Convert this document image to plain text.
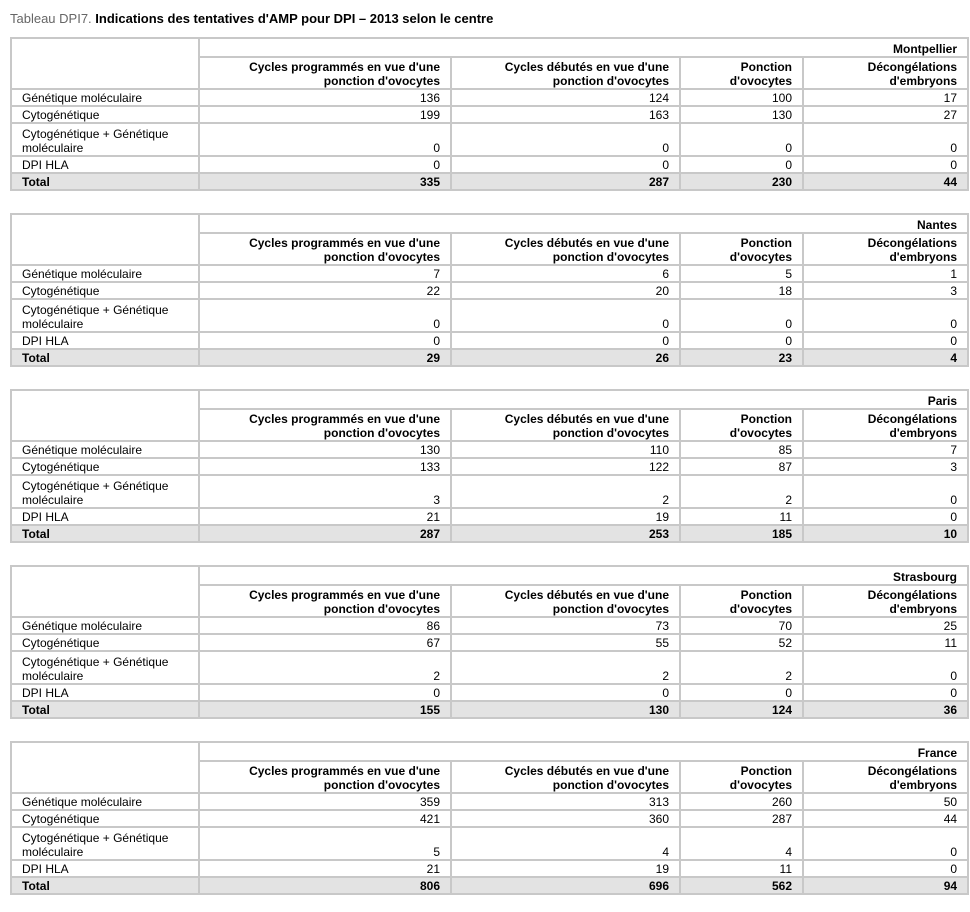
Tableau DPI7. Indications des tentatives d'AMP pour DPI – 2013 selon le centre
	Montpellier			
	Cycles programmés en vue d'une ponction d'ovocytes	Cycles débutés en vue d'une ponction d'ovocytes	Ponction d'ovocytes	Décongélations d'embryons
Génétique moléculaire	136	124	100	17
Cytogénétique	199	163	130	27
Cytogénétique + Génétique moléculaire	0	0	0	0
DPI HLA	0	0	0	0
Total	335	287	230	44
	Nantes			
	Cycles programmés en vue d'une ponction d'ovocytes	Cycles débutés en vue d'une ponction d'ovocytes	Ponction d'ovocytes	Décongélations d'embryons
Génétique moléculaire	7	6	5	1
Cytogénétique	22	20	18	3
Cytogénétique + Génétique moléculaire	0	0	0	0
DPI HLA	0	0	0	0
Total	29	26	23	4
	Paris			
	Cycles programmés en vue d'une ponction d'ovocytes	Cycles débutés en vue d'une ponction d'ovocytes	Ponction d'ovocytes	Décongélations d'embryons
Génétique moléculaire	130	110	85	7
Cytogénétique	133	122	87	3
Cytogénétique + Génétique moléculaire	3	2	2	0
DPI HLA	21	19	11	0
Total	287	253	185	10
	Strasbourg			
	Cycles programmés en vue d'une ponction d'ovocytes	Cycles débutés en vue d'une ponction d'ovocytes	Ponction d'ovocytes	Décongélations d'embryons
Génétique moléculaire	86	73	70	25
Cytogénétique	67	55	52	11
Cytogénétique + Génétique moléculaire	2	2	2	0
DPI HLA	0	0	0	0
Total	155	130	124	36
	France			
	Cycles programmés en vue d'une ponction d'ovocytes	Cycles débutés en vue d'une ponction d'ovocytes	Ponction d'ovocytes	Décongélations d'embryons
Génétique moléculaire	359	313	260	50
Cytogénétique	421	360	287	44
Cytogénétique + Génétique moléculaire	5	4	4	0
DPI HLA	21	19	11	0
Total	806	696	562	94
